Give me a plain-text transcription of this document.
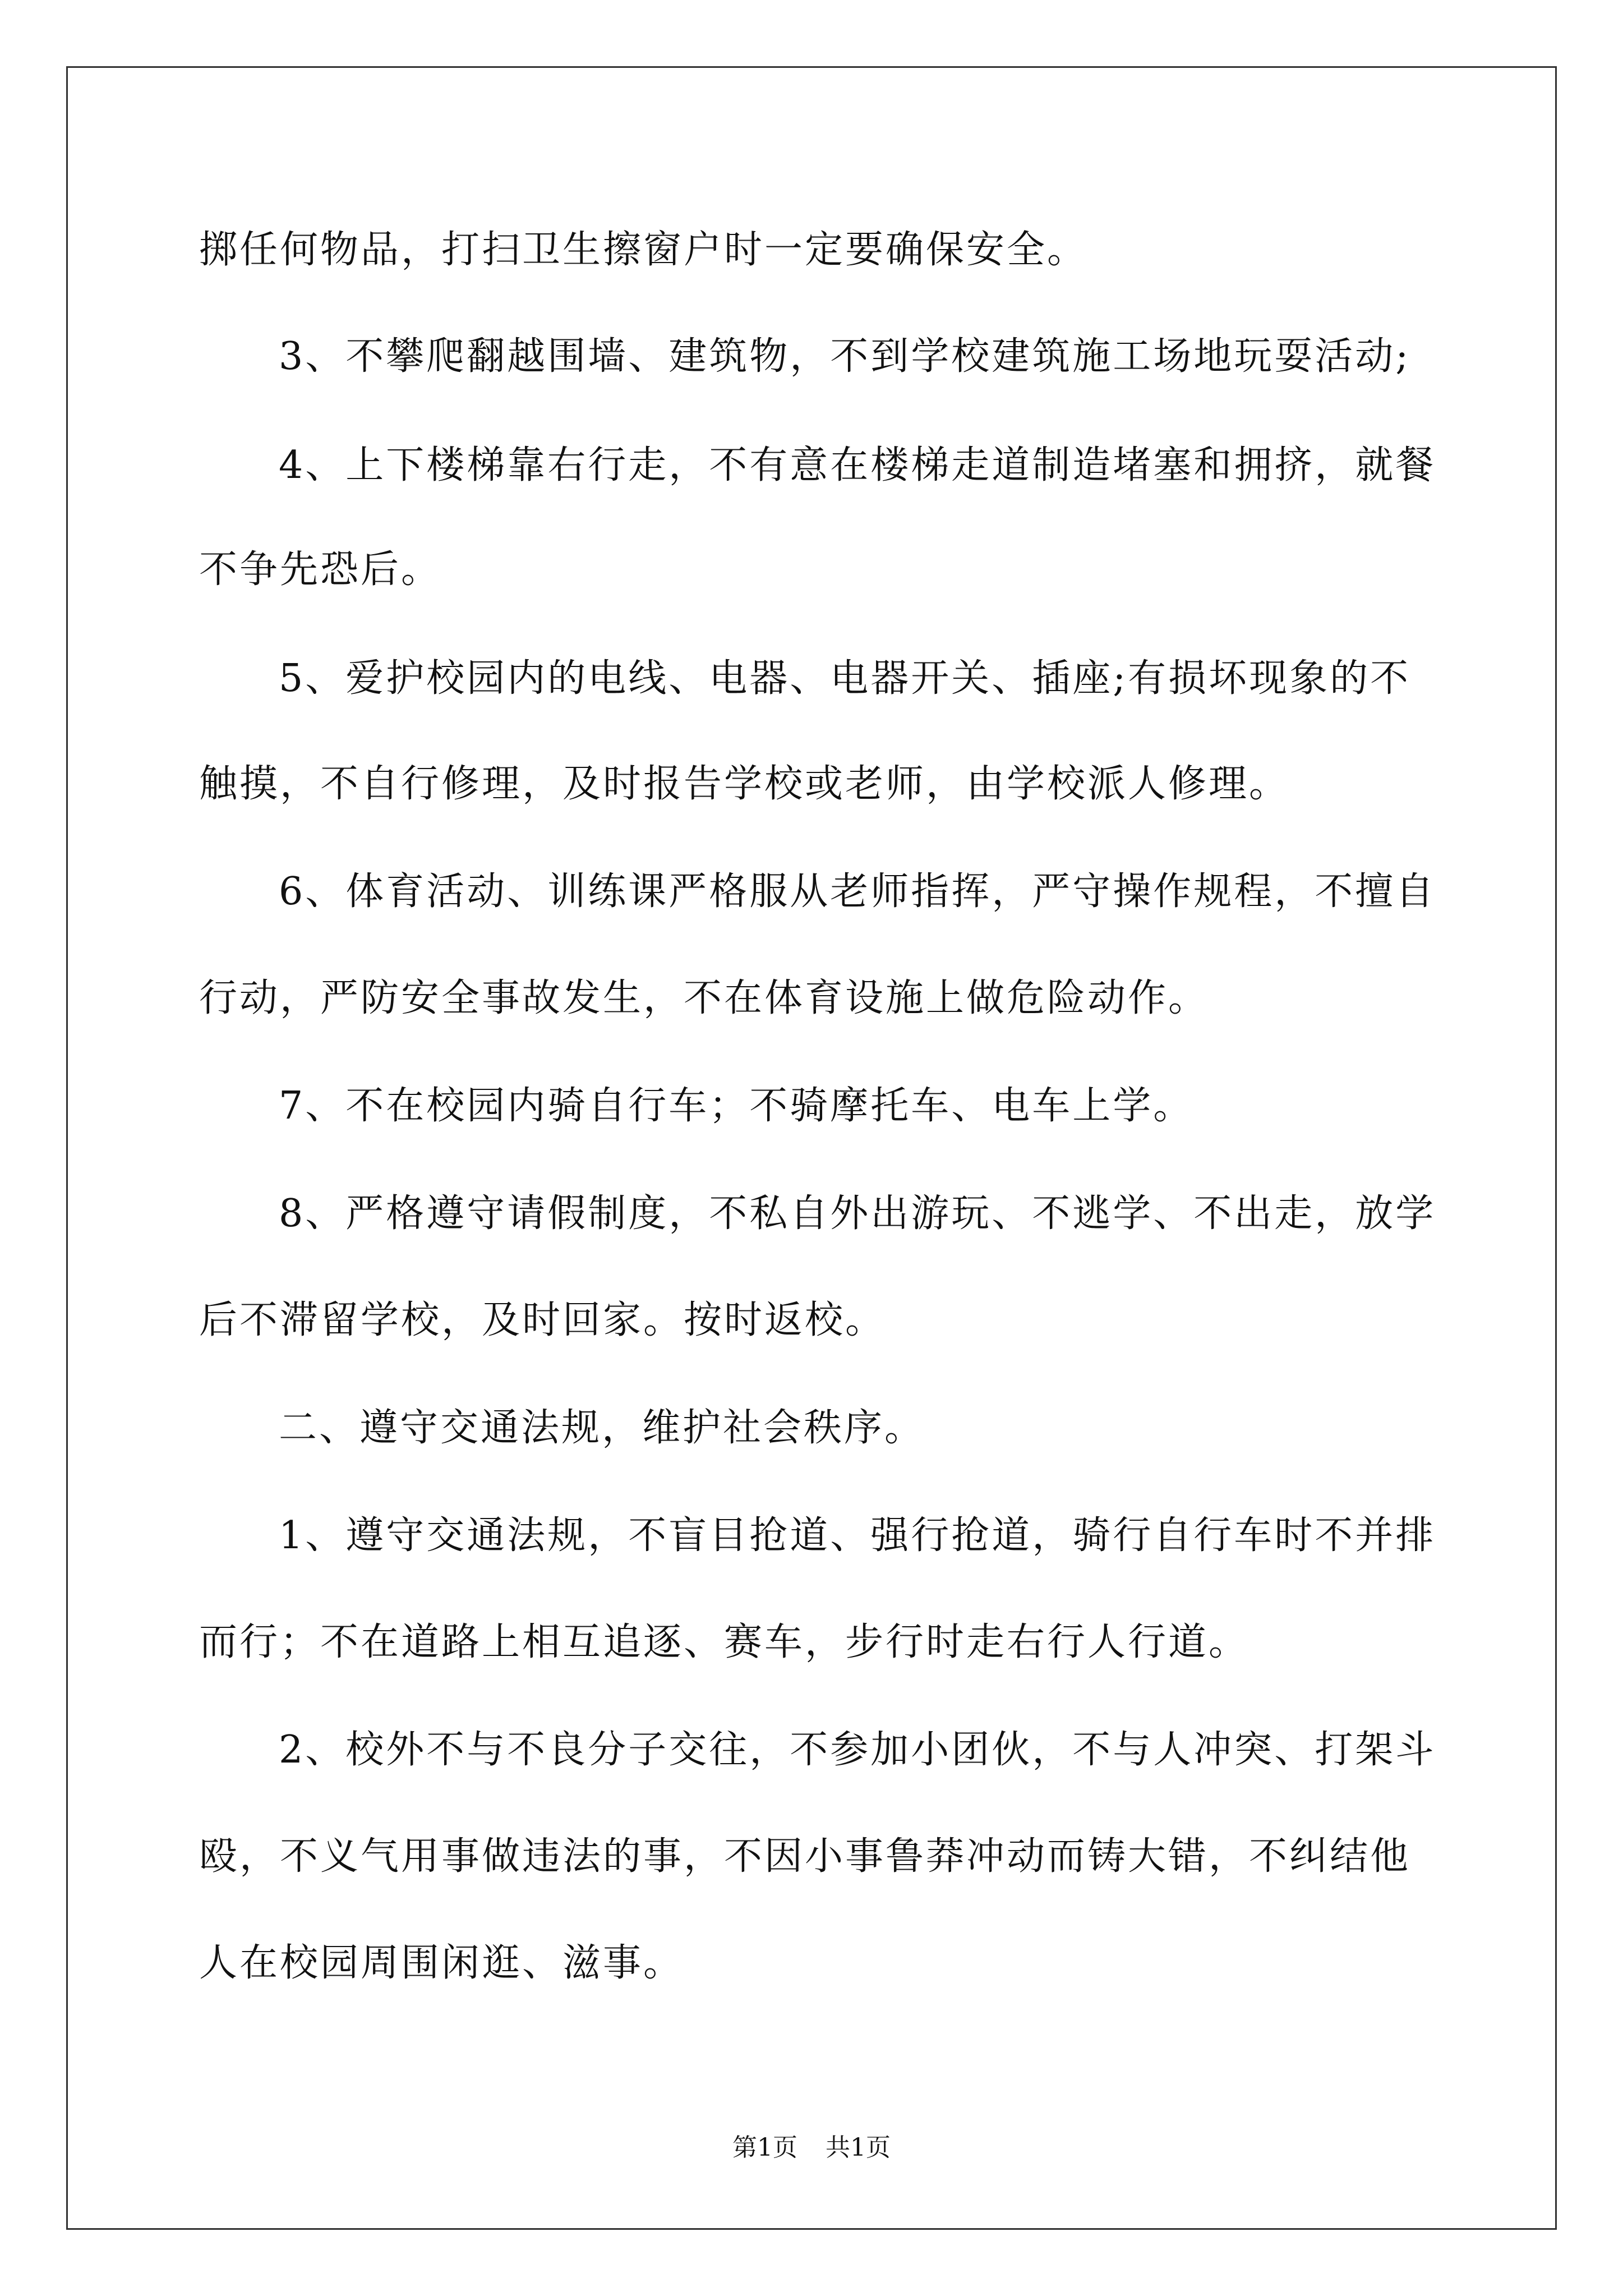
掷任何物品，打扫卫生擦窗户时一定要确保安全。
3、不攀爬翻越围墙、建筑物，不到学校建筑施工场地玩耍活动;
4、上下楼梯靠右行走，不有意在楼梯走道制造堵塞和拥挤，就餐
不争先恐后。
5、爱护校园内的电线、电器、电器开关、插座;有损坏现象的不
触摸，不自行修理，及时报告学校或老师，由学校派人修理。
6、体育活动、训练课严格服从老师指挥，严守操作规程，不擅自
行动，严防安全事故发生，不在体育设施上做危险动作。
7、不在校园内骑自行车；不骑摩托车、电车上学。
8、严格遵守请假制度，不私自外出游玩、不逃学、不出走，放学
后不滞留学校，及时回家。按时返校。
二、遵守交通法规，维护社会秩序。
1、遵守交通法规，不盲目抢道、强行抢道，骑行自行车时不并排
而行；不在道路上相互追逐、赛车，步行时走右行人行道。
2、校外不与不良分子交往，不参加小团伙，不与人冲突、打架斗
殴，不义气用事做违法的事，不因小事鲁莽冲动而铸大错，不纠结他
人在校园周围闲逛、滋事。
第1页 共1页
